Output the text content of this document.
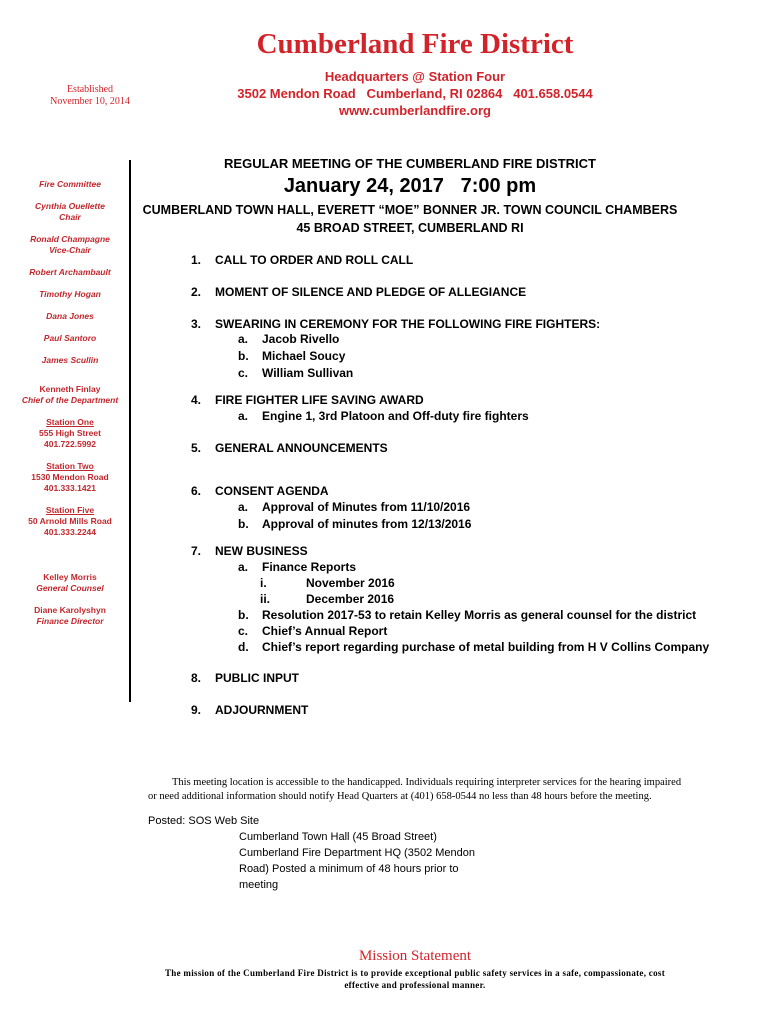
Cumberland Fire District
Headquarters @ Station Four
3502 Mendon Road   Cumberland, RI 02864   401.658.0544
www.cumberlandfire.org
Established
November 10, 2014
Fire Committee
Cynthia Ouellette
Chair
Ronald Champagne
Vice-Chair
Robert Archambault
Timothy Hogan
Dana Jones
Paul Santoro
James Scullin
Kenneth Finlay
Chief of the Department
Station One
555 High Street
401.722.5992
Station Two
1530 Mendon Road
401.333.1421
Station Five
50 Arnold Mills Road
401.333.2244
Kelley Morris
General Counsel
Diane Karolyshyn
Finance Director
REGULAR MEETING OF THE CUMBERLAND FIRE DISTRICT
January 24, 2017   7:00 pm
CUMBERLAND TOWN HALL, EVERETT “MOE” BONNER JR. TOWN COUNCIL CHAMBERS
45 BROAD STREET, CUMBERLAND RI
1. CALL TO ORDER AND ROLL CALL
2. MOMENT OF SILENCE AND PLEDGE OF ALLEGIANCE
3. SWEARING IN CEREMONY FOR THE FOLLOWING FIRE FIGHTERS:
a. Jacob Rivello
b. Michael Soucy
c. William Sullivan
4. FIRE FIGHTER LIFE SAVING AWARD
a. Engine 1, 3rd Platoon and Off-duty fire fighters
5. GENERAL ANNOUNCEMENTS
6. CONSENT AGENDA
a. Approval of Minutes from 11/10/2016
b. Approval of minutes from 12/13/2016
7. NEW BUSINESS
a. Finance Reports
i.	November 2016
ii.	December 2016
b. Resolution 2017-53 to retain Kelley Morris as general counsel for the district
c. Chief’s Annual Report
d. Chief’s report regarding purchase of metal building from H V Collins Company
8. PUBLIC INPUT
9. ADJOURNMENT
This meeting location is accessible to the handicapped. Individuals requiring interpreter services for the hearing impaired or need additional information should notify Head Quarters at (401) 658-0544 no less than 48 hours before the meeting.
Posted: SOS Web Site
Cumberland Town Hall (45 Broad Street)
Cumberland Fire Department HQ (3502 Mendon
Road) Posted a minimum of 48 hours prior to
meeting
Mission Statement
The mission of the Cumberland Fire District is to provide exceptional public safety services in a safe, compassionate, cost effective and professional manner.
